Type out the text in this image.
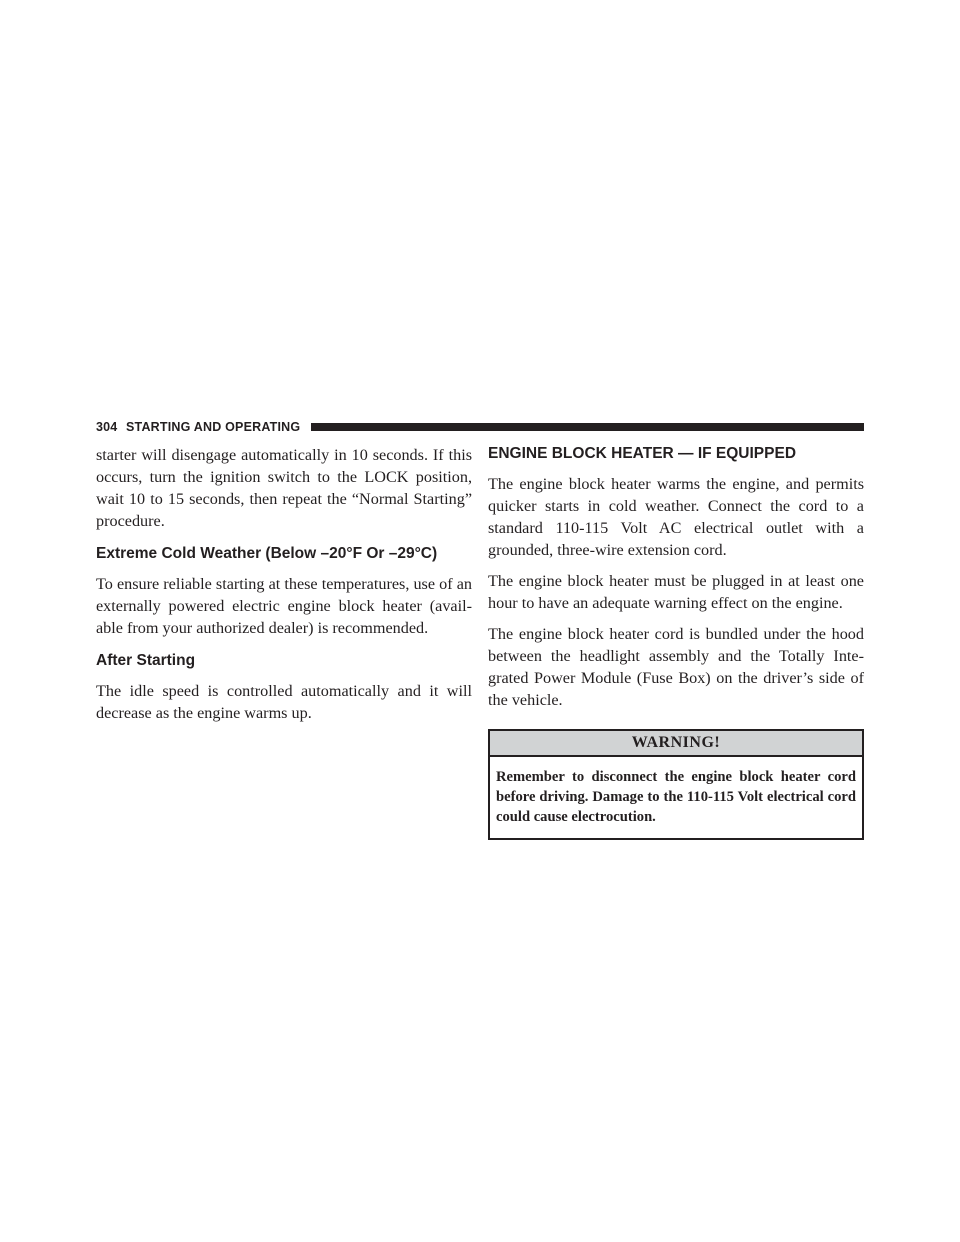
304 STARTING AND OPERATING

starter will disengage automatically in 10 seconds. If this occurs, turn the ignition switch to the LOCK position, wait 10 to 15 seconds, then repeat the “Normal Starting” procedure.

Extreme Cold Weather (Below –20°F Or –29°C)

To ensure reliable starting at these temperatures, use of an externally powered electric engine block heater (avail-able from your authorized dealer) is recommended.

After Starting

The idle speed is controlled automatically and it will decrease as the engine warms up.

ENGINE BLOCK HEATER — IF EQUIPPED

The engine block heater warms the engine, and permits quicker starts in cold weather. Connect the cord to a standard 110-115 Volt AC electrical outlet with a grounded, three-wire extension cord.

The engine block heater must be plugged in at least one hour to have an adequate warning effect on the engine.

The engine block heater cord is bundled under the hood between the headlight assembly and the Totally Inte-grated Power Module (Fuse Box) on the driver’s side of the vehicle.

WARNING!
Remember to disconnect the engine block heater cord before driving. Damage to the 110-115 Volt electrical cord could cause electrocution.
